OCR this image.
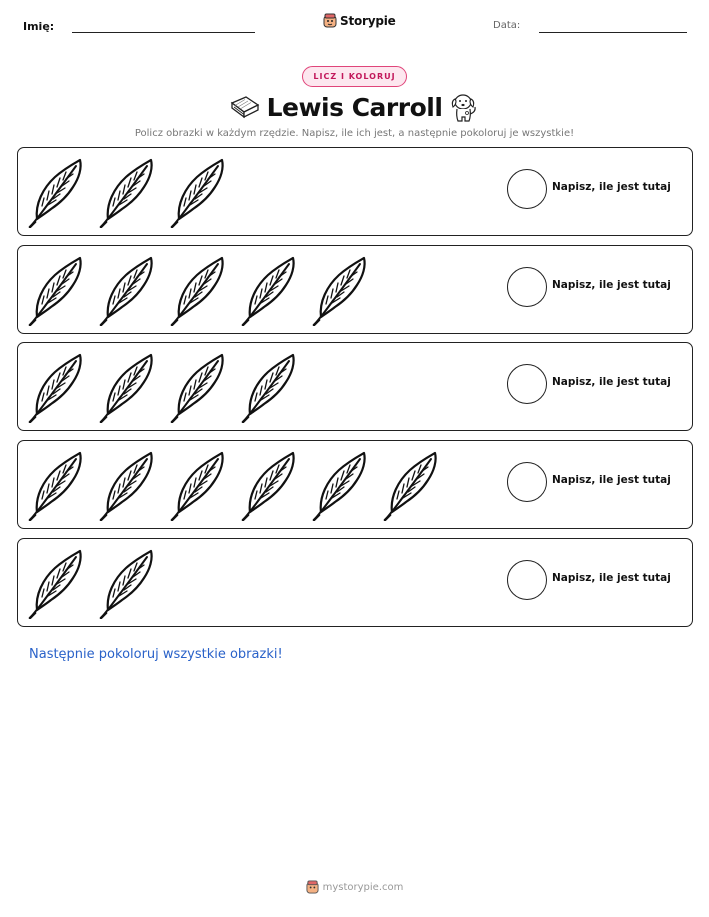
Imię:	Storypie	Data:
LICZ I KOLORUJ
Lewis Carroll
Policz obrazki w każdym rzędzie. Napisz, ile ich jest, a następnie pokoloruj je wszystkie!
Napisz, ile jest tutaj
Napisz, ile jest tutaj
Napisz, ile jest tutaj
Napisz, ile jest tutaj
Napisz, ile jest tutaj
Następnie pokoloruj wszystkie obrazki!
mystorypie.com
